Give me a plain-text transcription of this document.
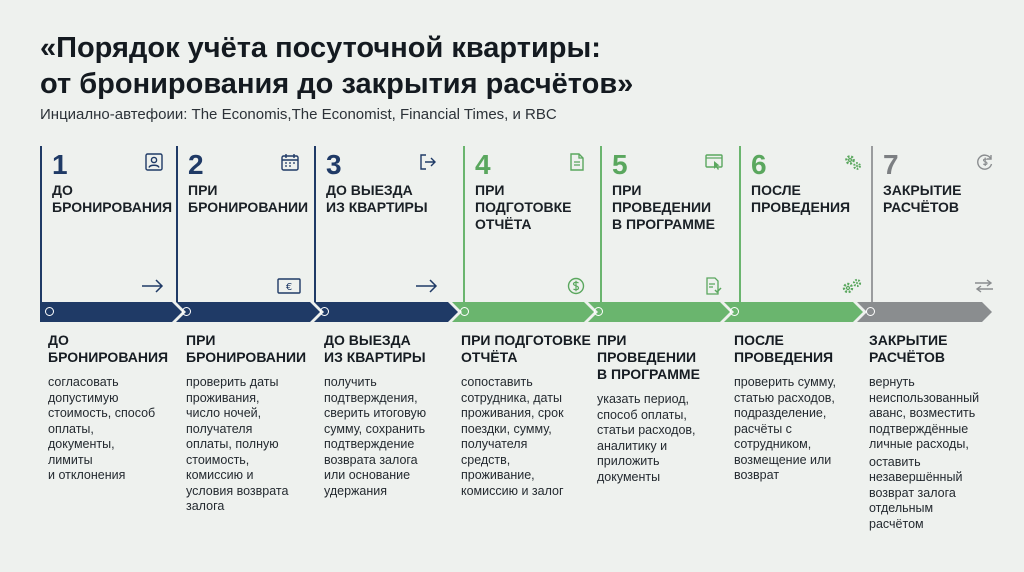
«Порядок учёта посуточной квартиры:
от бронирования до закрытия расчётов»
Инциално-автефоии: The Economis,The Economist, Financial Times, и RBC
1
ДО
БРОНИРОВАНИЯ
2
ПРИ
БРОНИРОВАНИИ
€
3
ДО ВЫЕЗДА
ИЗ КВАРТИРЫ
4
ПРИ
ПОДГОТОВКЕ
ОТЧЁТА
5
ПРИ ПРОВЕДЕНИИ
В ПРОГРАММЕ
6
ПОСЛЕ
ПРОВЕДЕНИЯ
7
ЗАКРЫТИЕ
РАСЧЁТОВ
ДО
БРОНИРОВАНИЯ
согласовать
допустимую
стоимость, способ
оплаты,
документы,
лимиты
и отклонения
ПРИ
БРОНИРОВАНИИ
проверить даты
проживания,
число ночей,
получателя
оплаты, полную
стоимость,
комиссию и
условия возврата
залога
ДО ВЫЕЗДА
ИЗ КВАРТИРЫ
получить
подтверждения,
сверить итоговую
сумму, сохранить
подтверждение
возврата залога
или основание
удержания
ПРИ ПОДГОТОВКЕ
ОТЧЁТА
сопоставить
сотрудника, даты
проживания, срок
поездки, сумму,
получателя
средств,
проживание,
комиссию и залог
ПРИ ПРОВЕДЕНИИ
В ПРОГРАММЕ
указать период,
способ оплаты,
статьи расходов,
аналитику и
приложить
документы
ПОСЛЕ
ПРОВЕДЕНИЯ
проверить сумму,
статью расходов,
подразделение,
расчёты с
сотрудником,
возмещение или
возврат
ЗАКРЫТИЕ
РАСЧЁТОВ
вернуть
неиспользованный
аванс, возместить
подтверждённые
личные расходы,
оставить
незавершённый
возврат залога
отдельным
расчётом
